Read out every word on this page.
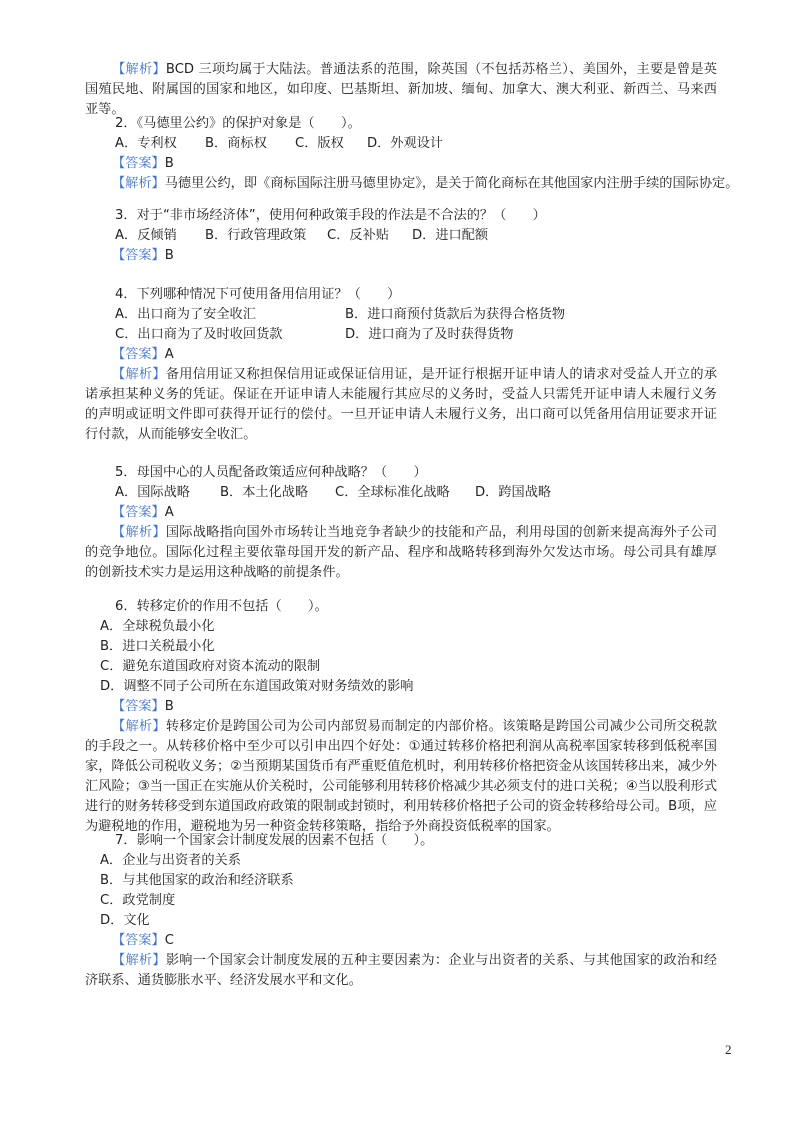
【解析】BCD 三项均属于大陆法。普通法系的范围，除英国（不包括苏格兰）、美国外，主要是曾是英国殖民地、附属国的国家和地区，如印度、巴基斯坦、新加坡、缅甸、加拿大、澳大利亚、新西兰、马来西亚等。
2．《马德里公约》的保护对象是（　　）。
A．专利权 B．商标权 C．版权 D．外观设计
【答案】B
【解析】马德里公约，即《商标国际注册马德里协定》，是关于简化商标在其他国家内注册手续的国际协定。
3．对于“非市场经济体”，使用何种政策手段的作法是不合法的？（　　）
A．反倾销 B．行政管理政策 C．反补贴 D．进口配额
【答案】B
4．下列哪种情况下可使用备用信用证？（　　）
A．出口商为了安全收汇	B．进口商预付货款后为获得合格货物
C．出口商为了及时收回货款	D．进口商为了及时获得货物
【答案】A
【解析】备用信用证又称担保信用证或保证信用证，是开证行根据开证申请人的请求对受益人开立的承诺承担某种义务的凭证。保证在开证申请人未能履行其应尽的义务时，受益人只需凭开证申请人未履行义务的声明或证明文件即可获得开证行的偿付。一旦开证申请人未履行义务，出口商可以凭备用信用证要求开证行付款，从而能够安全收汇。
5．母国中心的人员配备政策适应何种战略？（　　）
A．国际战略 B．本土化战略 C．全球标准化战略 D．跨国战略
【答案】A
【解析】国际战略指向国外市场转让当地竞争者缺少的技能和产品，利用母国的创新来提高海外子公司的竞争地位。国际化过程主要依靠母国开发的新产品、程序和战略转移到海外欠发达市场。母公司具有雄厚的创新技术实力是运用这种战略的前提条件。
6．转移定价的作用不包括（　　）。
A．全球税负最小化
B．进口关税最小化
C．避免东道国政府对资本流动的限制
D．调整不同子公司所在东道国政策对财务绩效的影响
【答案】B
【解析】转移定价是跨国公司为公司内部贸易而制定的内部价格。该策略是跨国公司减少公司所交税款的手段之一。从转移价格中至少可以引申出四个好处：①通过转移价格把利润从高税率国家转移到低税率国家，降低公司税收义务；②当预期某国货币有严重贬值危机时，利用转移价格把资金从该国转移出来，减少外汇风险；③当一国正在实施从价关税时，公司能够利用转移价格减少其必须支付的进口关税；④当以股利形式进行的财务转移受到东道国政府政策的限制或封锁时，利用转移价格把子公司的资金转移给母公司。B项，应为避税地的作用，避税地为另一种资金转移策略，指给予外商投资低税率的国家。
7．影响一个国家会计制度发展的因素不包括（　　）。
A．企业与出资者的关系
B．与其他国家的政治和经济联系
C．政党制度
D．文化
【答案】C
【解析】影响一个国家会计制度发展的五种主要因素为：企业与出资者的关系、与其他国家的政治和经济联系、通货膨胀水平、经济发展水平和文化。
2
